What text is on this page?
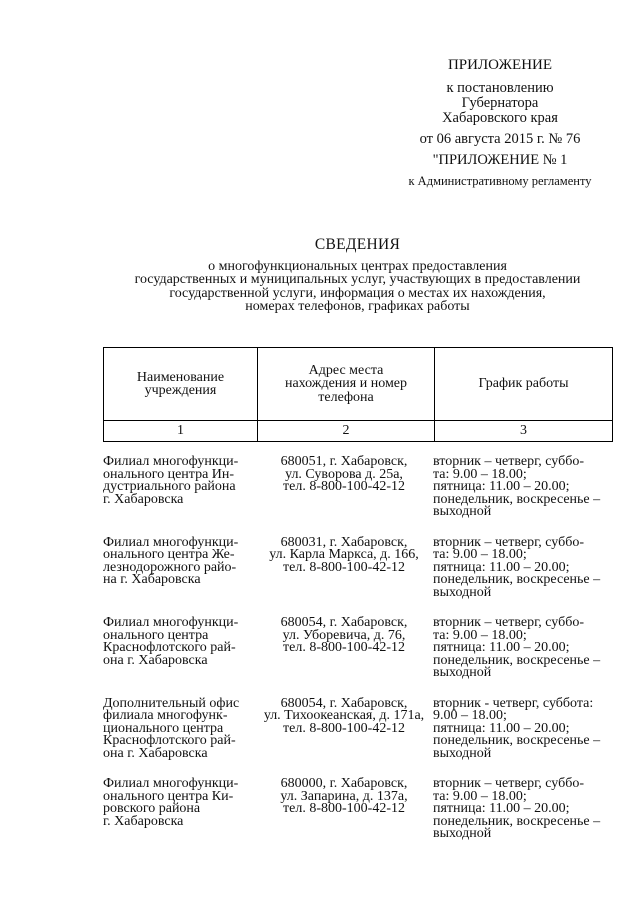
ПРИЛОЖЕНИЕ
к постановлению
Губернатора
Хабаровского края
от 06 августа 2015 г. № 76
"ПРИЛОЖЕНИЕ № 1
к Административному регламенту
СВЕДЕНИЯ
о многофункциональных центрах предоставления
государственных и муниципальных услуг, участвующих в предоставлении
государственной услуги, информация о местах их нахождения,
номерах телефонов, графиках работы
Наименование
учреждения
Адрес места
нахождения и номер
телефона
График работы
1	2	3
Филиал многофункци-
онального центра Ин-
дустриального района
г. Хабаровска
680051, г. Хабаровск,
ул. Суворова д. 25а,
тел. 8-800-100-42-12
вторник – четверг, суббо-
та: 9.00 – 18.00;
пятница: 11.00 – 20.00;
понедельник, воскресенье –
выходной
Филиал многофункци-
онального центра Же-
лезнодорожного райо-
на г. Хабаровска
680031, г. Хабаровск,
ул. Карла Маркса, д. 166,
тел. 8-800-100-42-12
вторник – четверг, суббо-
та: 9.00 – 18.00;
пятница: 11.00 – 20.00;
понедельник, воскресенье –
выходной
Филиал многофункци-
онального центра
Краснофлотского рай-
она г. Хабаровска
680054, г. Хабаровск,
ул. Уборевича, д. 76,
тел. 8-800-100-42-12
вторник – четверг, суббо-
та: 9.00 – 18.00;
пятница: 11.00 – 20.00;
понедельник, воскресенье –
выходной
Дополнительный офис
филиала многофунк-
ционального центра
Краснофлотского рай-
она г. Хабаровска
680054, г. Хабаровск,
ул. Тихоокеанская, д. 171а,
тел. 8-800-100-42-12
вторник - четверг, суббота:
9.00 – 18.00;
пятница: 11.00 – 20.00;
понедельник, воскресенье –
выходной
Филиал многофункци-
онального центра Ки-
ровского района
г. Хабаровска
680000, г. Хабаровск,
ул. Запарина, д. 137а,
тел. 8-800-100-42-12
вторник – четверг, суббо-
та: 9.00 – 18.00;
пятница: 11.00 – 20.00;
понедельник, воскресенье –
выходной
